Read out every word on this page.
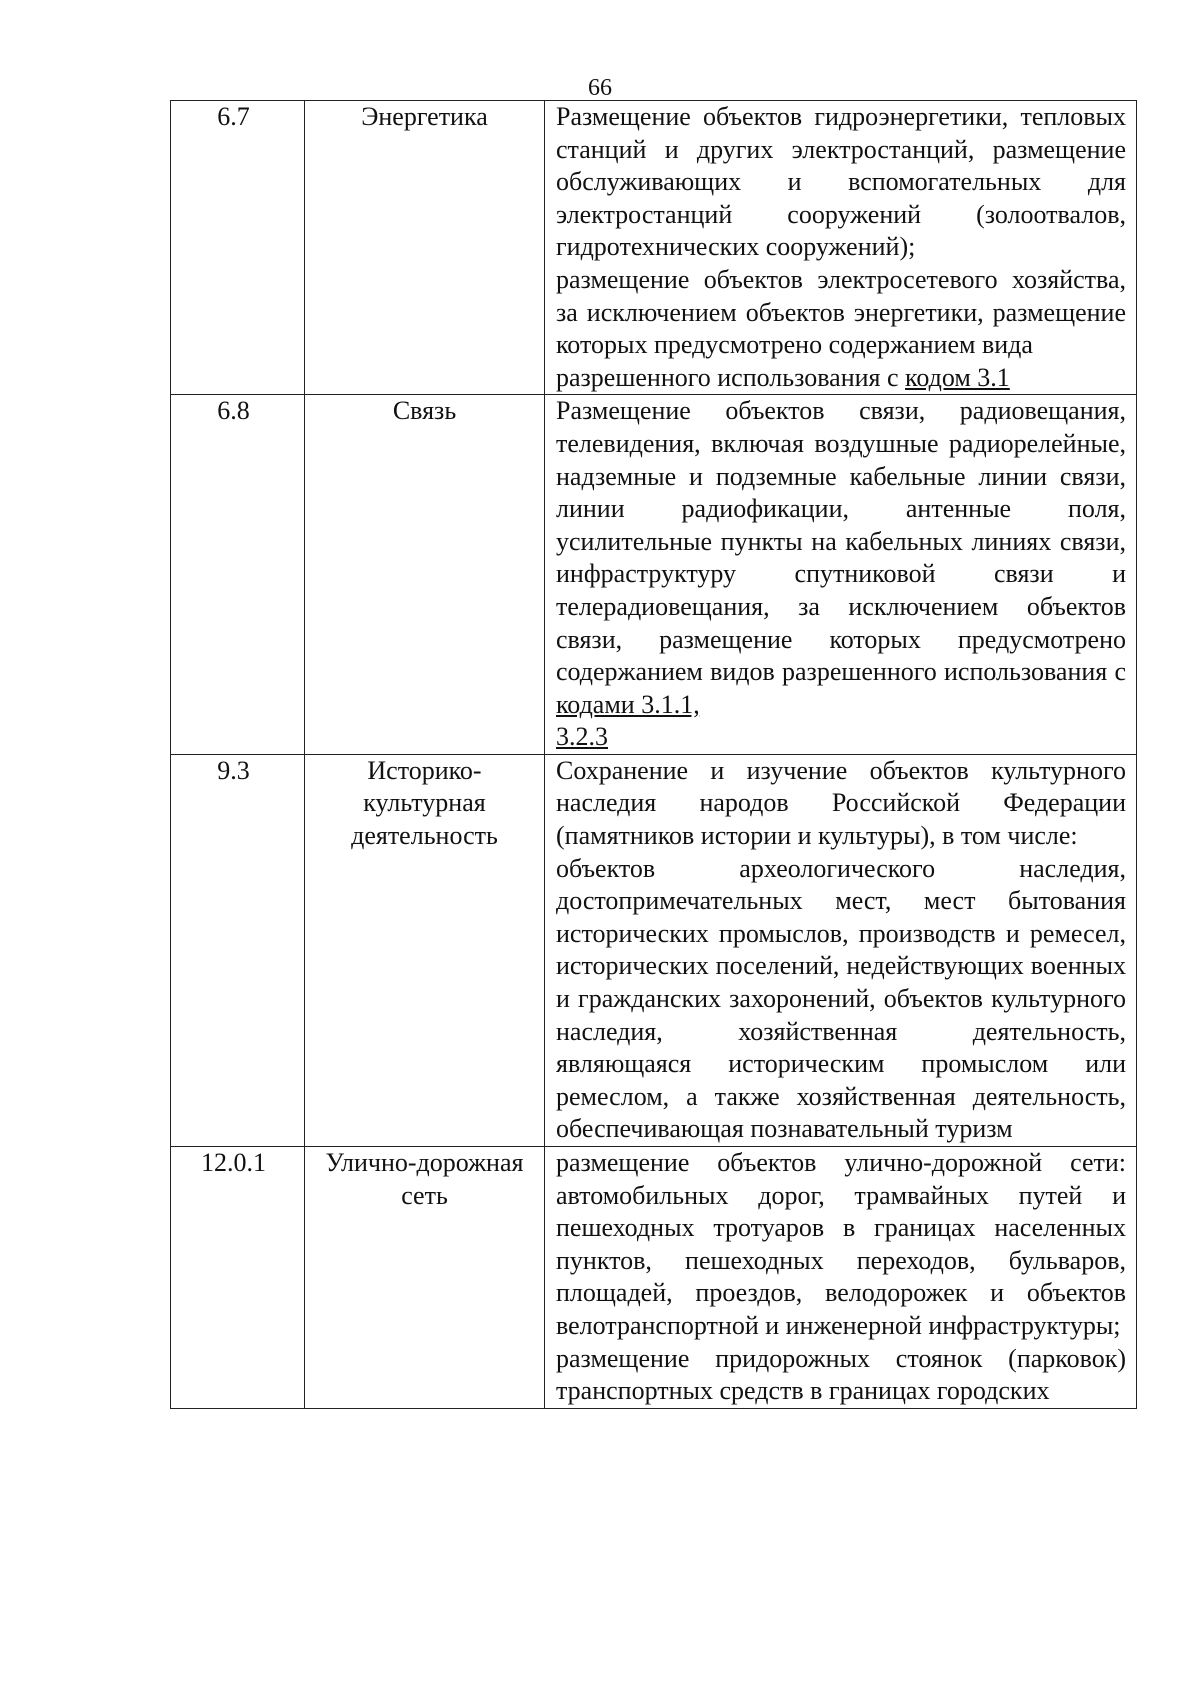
66
6.7	Энергетика	Размещение объектов гидроэнергетики, тепловых станций и других электростанций, размещение обслуживающих и вспомогательных для электростанций сооружений (золоотвалов, гидротехнических сооружений);

размещение объектов электросетевого хозяйства, за исключением объектов энергетики, размещение которых предусмотрено содержанием вида

разрешенного использования с кодом 3.1

6.8	Связь	Размещение объектов связи, радиовещания, телевидения, включая воздушные радиорелейные, надземные и подземные кабельные линии связи, линии радиофикации, антенные поля, усилительные пункты на кабельных линиях связи, инфраструктуру спутниковой связи и телерадиовещания, за исключением объектов связи, размещение которых предусмотрено содержанием видов разрешенного использования с кодами 3.1.1,

3.2.3

9.3	Историко-культурная деятельность	Сохранение и изучение объектов культурного наследия народов Российской Федерации (памятников истории и культуры), в том числе:

объектов археологического наследия, достопримечательных мест, мест бытования исторических промыслов, производств и ремесел, исторических поселений, недействующих военных и гражданских захоронений, объектов культурного наследия, хозяйственная деятельность, являющаяся историческим промыслом или ремеслом, а также хозяйственная деятельность, обеспечивающая познавательный туризм

12.0.1	Улично-дорожная сеть	размещение объектов улично-дорожной сети: автомобильных дорог, трамвайных путей и пешеходных тротуаров в границах населенных пунктов, пешеходных переходов, бульваров, площадей, проездов, велодорожек и объектов велотранспортной и инженерной инфраструктуры;

размещение придорожных стоянок (парковок) транспортных средств в границах городских
